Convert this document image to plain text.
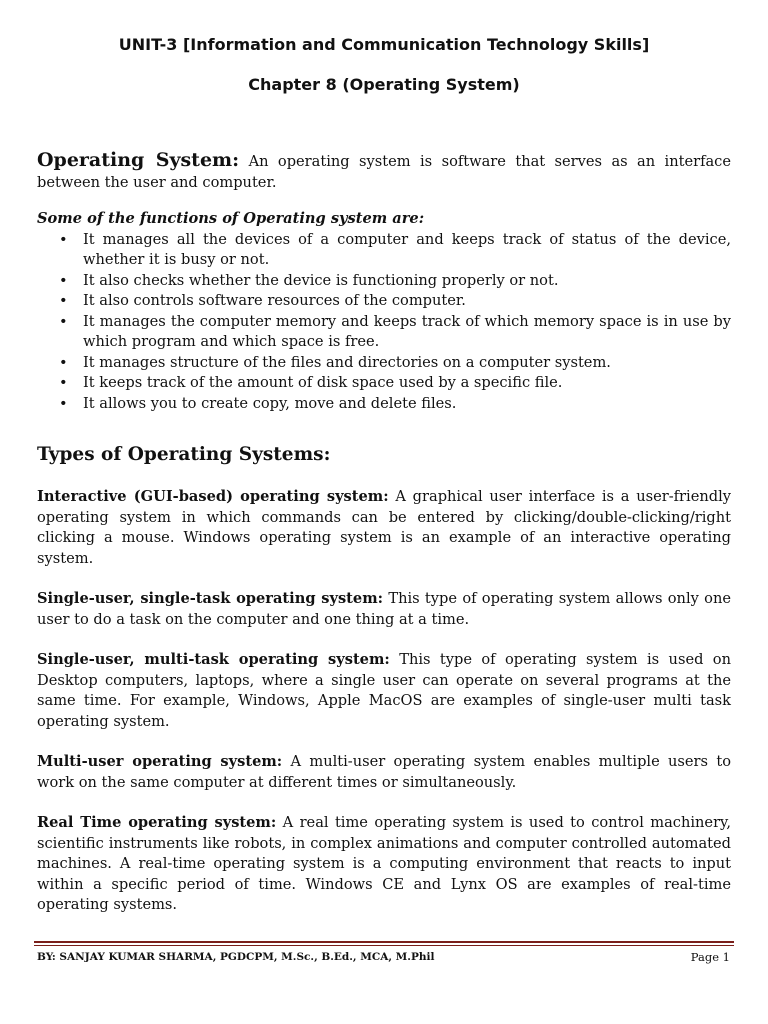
UNIT-3 [Information and Communication Technology Skills]
Chapter 8 (Operating System)

Operating System: An operating system is software that serves as an interface between the user and computer.

Some of the functions of Operating system are:

• It manages all the devices of a computer and keeps track of status of the device, whether it is busy or not.
• It also checks whether the device is functioning properly or not.
• It also controls software resources of the computer.
• It manages the computer memory and keeps track of which memory space is in use by which program and which space is free.
• It manages structure of the files and directories on a computer system.
• It keeps track of the amount of disk space used by a specific file.
• It allows you to create copy, move and delete files.

Types of Operating Systems:

Interactive (GUI-based) operating system: A graphical user interface is a user-friendly operating system in which commands can be entered by clicking/double-clicking/right clicking a mouse. Windows operating system is an example of an interactive operating system.

Single-user, single-task operating system: This type of operating system allows only one user to do a task on the computer and one thing at a time.

Single-user, multi-task operating system: This type of operating system is used on Desktop computers, laptops, where a single user can operate on several programs at the same time. For example, Windows, Apple MacOS are examples of single-user multi task operating system.

Multi-user operating system: A multi-user operating system enables multiple users to work on the same computer at different times or simultaneously.

Real Time operating system: A real time operating system is used to control machinery, scientific instruments like robots, in complex animations and computer controlled automated machines. A real-time operating system is a computing environment that reacts to input within a specific period of time. Windows CE and Lynx OS are examples of real-time operating systems.

BY: SANJAY KUMAR SHARMA, PGDCPM, M.Sc., B.Ed., MCA, M.Phil	Page 1
